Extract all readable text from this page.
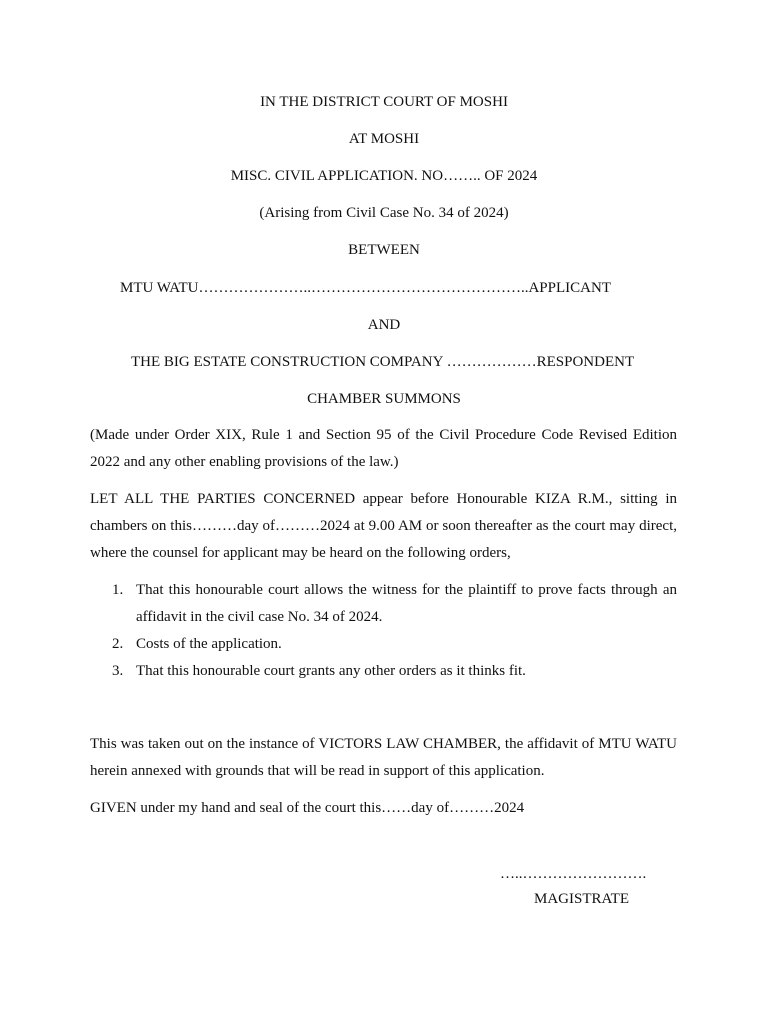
IN THE DISTRICT COURT OF MOSHI
AT MOSHI
MISC. CIVIL APPLICATION. NO…….. OF 2024
(Arising from Civil Case No. 34 of 2024)
BETWEEN
MTU WATU…………………..……………………………………..APPLICANT
AND
THE BIG ESTATE CONSTRUCTION COMPANY ………………RESPONDENT
CHAMBER SUMMONS
(Made under Order XIX, Rule 1 and Section 95 of the Civil Procedure Code Revised Edition 2022 and any other enabling provisions of the law.)
LET ALL THE PARTIES CONCERNED appear before Honourable KIZA R.M., sitting in chambers on this………day of………2024 at 9.00 AM or soon thereafter as the court may direct, where the counsel for applicant may be heard on the following orders,
1. That this honourable court allows the witness for the plaintiff to prove facts through an affidavit in the civil case No. 34 of 2024.
2. Costs of the application.
3. That this honourable court grants any other orders as it thinks fit.
This was taken out on the instance of VICTORS LAW CHAMBER, the affidavit of MTU WATU herein annexed with grounds that will be read in support of this application.
GIVEN under my hand and seal of the court this……day of………2024
…..…………………….
MAGISTRATE
